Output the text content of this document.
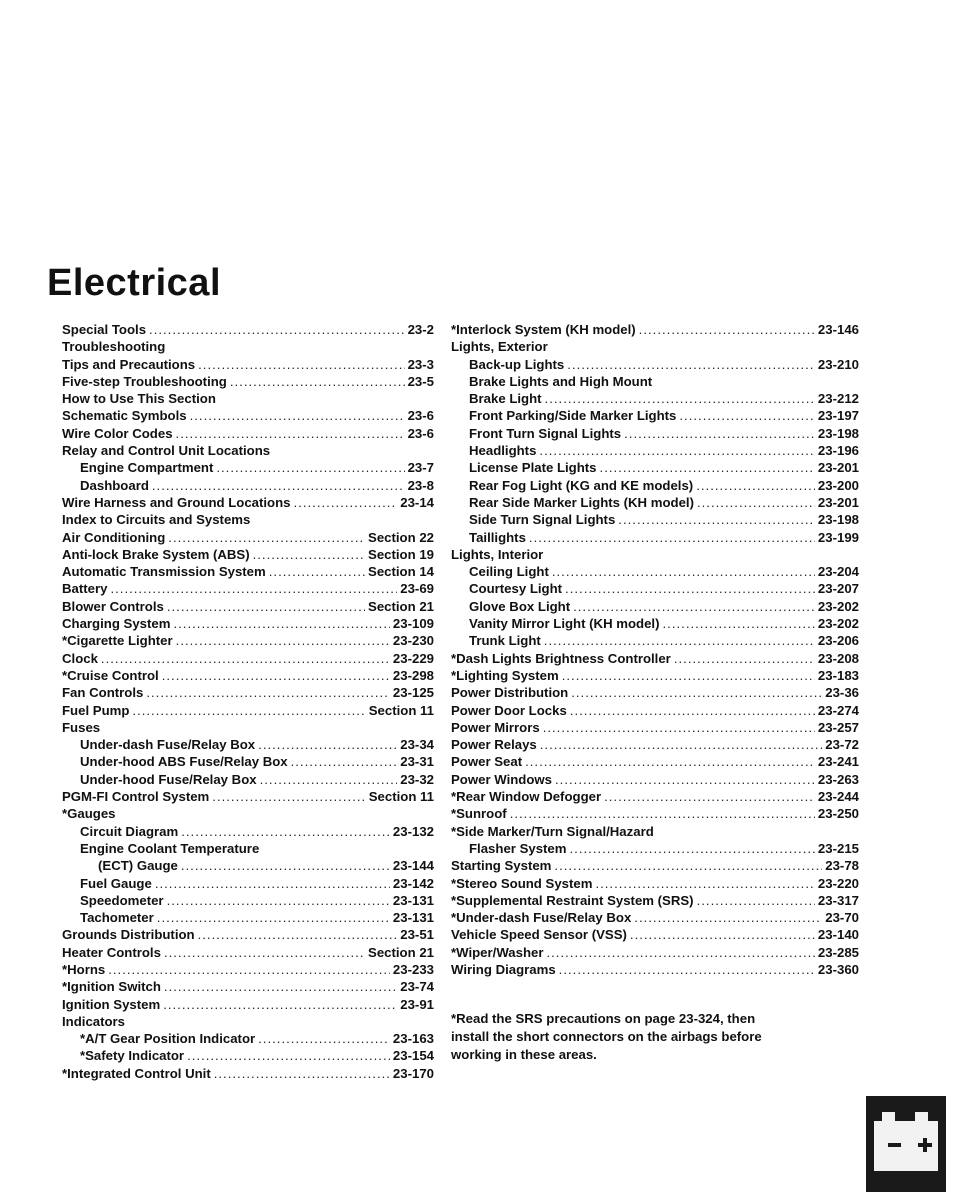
Electrical
Special Tools .....	23-2
Troubleshooting
Tips and Precautions .....	23-3
Five-step Troubleshooting .....	23-5
How to Use This Section
Schematic Symbols .....	23-6
Wire Color Codes .....	23-6
Relay and Control Unit Locations
Engine Compartment .....	23-7
Dashboard .....	23-8
Wire Harness and Ground Locations .....	23-14
Index to Circuits and Systems
Air Conditioning .....	Section 22
Anti-lock Brake System (ABS) .....	Section 19
Automatic Transmission System .....	Section 14
Battery .....	23-69
Blower Controls .....	Section 21
Charging System .....	23-109
*Cigarette Lighter .....	23-230
Clock .....	23-229
*Cruise Control .....	23-298
Fan Controls .....	23-125
Fuel Pump .....	Section 11
Fuses
Under-dash Fuse/Relay Box .....	23-34
Under-hood ABS Fuse/Relay Box .....	23-31
Under-hood Fuse/Relay Box .....	23-32
PGM-FI Control System .....	Section 11
*Gauges
Circuit Diagram .....	23-132
Engine Coolant Temperature
(ECT) Gauge .....	23-144
Fuel Gauge .....	23-142
Speedometer .....	23-131
Tachometer .....	23-131
Grounds Distribution .....	23-51
Heater Controls .....	Section 21
*Horns .....	23-233
*Ignition Switch .....	23-74
Ignition System .....	23-91
Indicators
*A/T Gear Position Indicator .....	23-163
*Safety Indicator .....	23-154
*Integrated Control Unit .....	23-170
*Interlock System (KH model) .....	23-146
Lights, Exterior
Back-up Lights .....	23-210
Brake Lights and High Mount
Brake Light .....	23-212
Front Parking/Side Marker Lights .....	23-197
Front Turn Signal Lights .....	23-198
Headlights .....	23-196
License Plate Lights .....	23-201
Rear Fog Light (KG and KE models) .....	23-200
Rear Side Marker Lights (KH model) .....	23-201
Side Turn Signal Lights .....	23-198
Taillights .....	23-199
Lights, Interior
Ceiling Light .....	23-204
Courtesy Light .....	23-207
Glove Box Light .....	23-202
Vanity Mirror Light (KH model) .....	23-202
Trunk Light .....	23-206
*Dash Lights Brightness Controller .....	23-208
*Lighting System .....	23-183
Power Distribution .....	23-36
Power Door Locks .....	23-274
Power Mirrors .....	23-257
Power Relays .....	23-72
Power Seat .....	23-241
Power Windows .....	23-263
*Rear Window Defogger .....	23-244
*Sunroof .....	23-250
*Side Marker/Turn Signal/Hazard
Flasher System .....	23-215
Starting System .....	23-78
*Stereo Sound System .....	23-220
*Supplemental Restraint System (SRS) .....	23-317
*Under-dash Fuse/Relay Box .....	23-70
Vehicle Speed Sensor (VSS) .....	23-140
*Wiper/Washer .....	23-285
Wiring Diagrams .....	23-360
*Read the SRS precautions on page 23-324, then
install the short connectors on the airbags before
working in these areas.
